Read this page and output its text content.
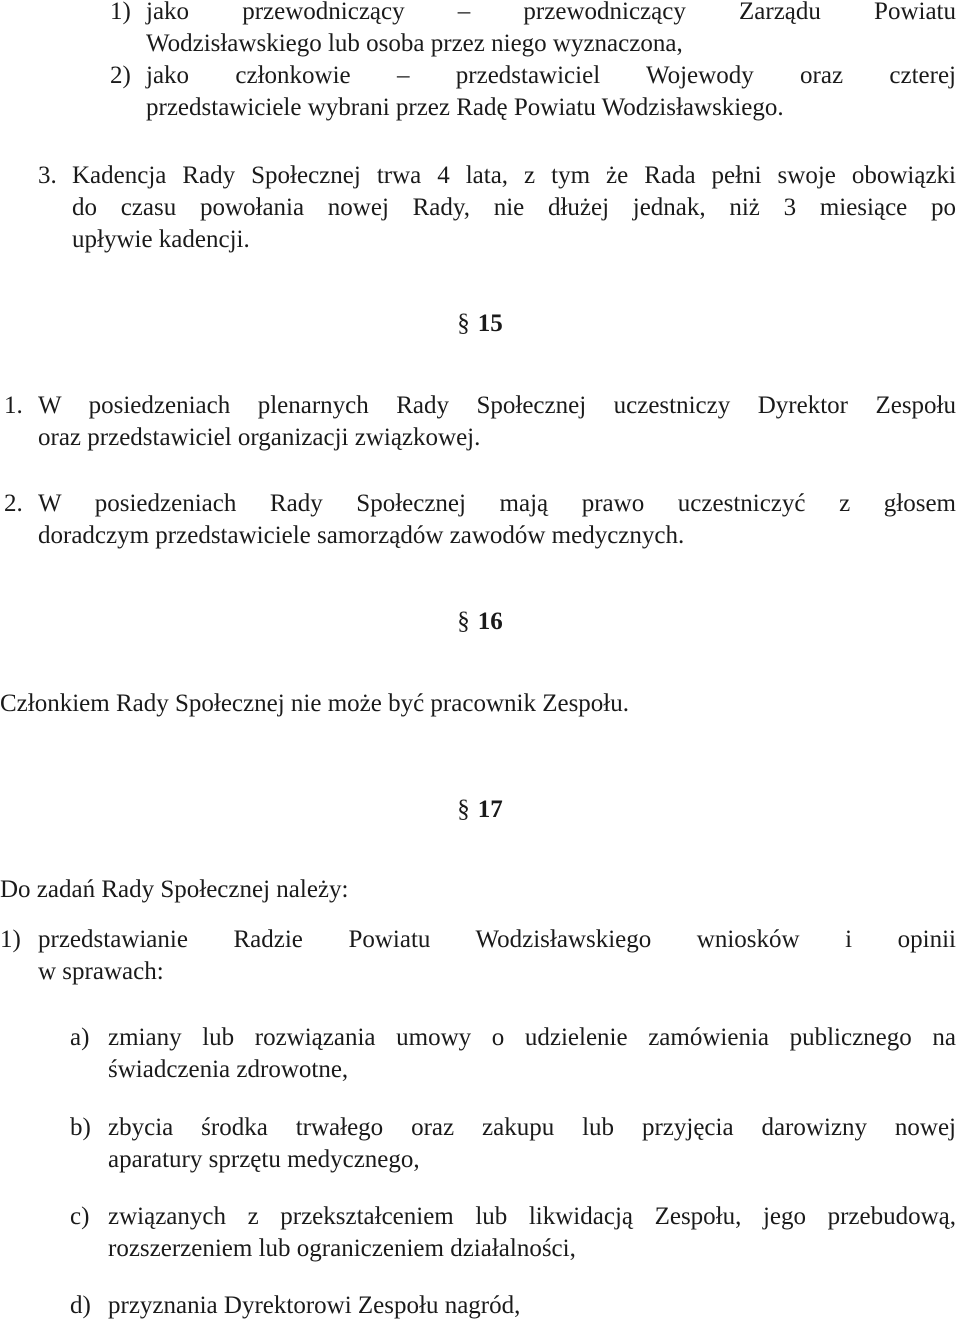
1) jako przewodniczący – przewodniczący Zarządu Powiatu
Wodzisławskiego lub osoba przez niego wyznaczona,
2) jako członkowie – przedstawiciel Wojewody oraz czterej
przedstawiciele wybrani przez Radę Powiatu Wodzisławskiego.
3. Kadencja Rady Społecznej trwa 4 lata, z tym że Rada pełni swoje obowiązki
do czasu powołania nowej Rady, nie dłużej jednak, niż 3 miesiące po
upływie kadencji.
§ 15
1. W posiedzeniach plenarnych Rady Społecznej uczestniczy Dyrektor Zespołu
oraz przedstawiciel organizacji związkowej.
2. W posiedzeniach Rady Społecznej mają prawo uczestniczyć z głosem
doradczym przedstawiciele samorządów zawodów medycznych.
§ 16
Członkiem Rady Społecznej nie może być pracownik Zespołu.
§ 17
Do zadań Rady Społecznej należy:
1) przedstawianie Radzie Powiatu Wodzisławskiego wniosków i opinii
w sprawach:
a) zmiany lub rozwiązania umowy o udzielenie zamówienia publicznego na
świadczenia zdrowotne,
b) zbycia środka trwałego oraz zakupu lub przyjęcia darowizny nowej
aparatury sprzętu medycznego,
c) związanych z przekształceniem lub likwidacją Zespołu, jego przebudową,
rozszerzeniem lub ograniczeniem działalności,
d) przyznania Dyrektorowi Zespołu nagród,
